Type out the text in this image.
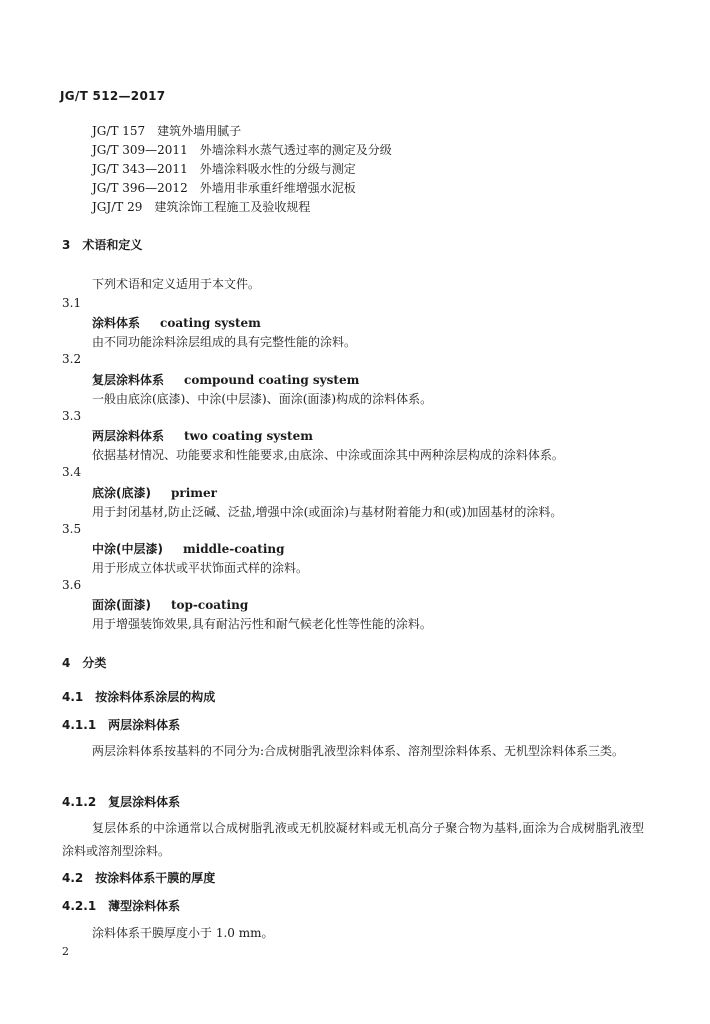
JG/T 512—2017
JG/T 157　建筑外墙用腻子
JG/T 309—2011　外墙涂料水蒸气透过率的测定及分级
JG/T 343—2011　外墙涂料吸水性的分级与测定
JG/T 396—2012　外墙用非承重纤维增强水泥板
JGJ/T 29　建筑涂饰工程施工及验收规程
3　术语和定义
下列术语和定义适用于本文件。
3.1
涂料体系 coating system
由不同功能涂料涂层组成的具有完整性能的涂料。
3.2
复层涂料体系 compound coating system
一般由底涂(底漆)、中涂(中层漆)、面涂(面漆)构成的涂料体系。
3.3
两层涂料体系 two coating system
依据基材情况、功能要求和性能要求,由底涂、中涂或面涂其中两种涂层构成的涂料体系。
3.4
底涂(底漆) primer
用于封闭基材,防止泛碱、泛盐,增强中涂(或面涂)与基材附着能力和(或)加固基材的涂料。
3.5
中涂(中层漆) middle-coating
用于形成立体状或平状饰面式样的涂料。
3.6
面涂(面漆) top-coating
用于增强装饰效果,具有耐沾污性和耐气候老化性等性能的涂料。
4　分类
4.1　按涂料体系涂层的构成
4.1.1　两层涂料体系
两层涂料体系按基料的不同分为:合成树脂乳液型涂料体系、溶剂型涂料体系、无机型涂料体系三类。
4.1.2　复层涂料体系
复层体系的中涂通常以合成树脂乳液或无机胶凝材料或无机高分子聚合物为基料,面涂为合成树脂乳液型涂料或溶剂型涂料。
4.2　按涂料体系干膜的厚度
4.2.1　薄型涂料体系
涂料体系干膜厚度小于 1.0 mm。
2
